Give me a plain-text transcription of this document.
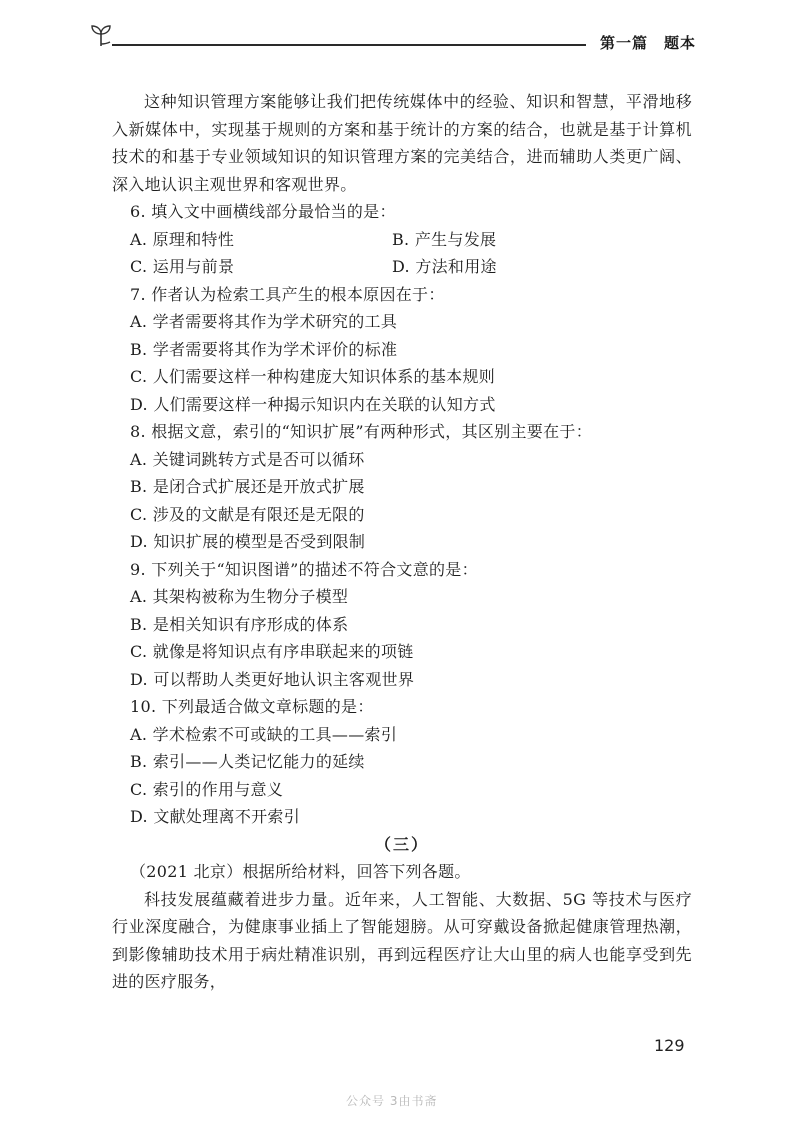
第一篇　题本

这种知识管理方案能够让我们把传统媒体中的经验、知识和智慧，平滑地移入新媒体中，实现基于规则的方案和基于统计的方案的结合，也就是基于计算机技术的和基于专业领域知识的知识管理方案的完美结合，进而辅助人类更广阔、深入地认识主观世界和客观世界。

6. 填入文中画横线部分最恰当的是：

A. 原理和特性	B. 产生与发展

C. 运用与前景	D. 方法和用途

7. 作者认为检索工具产生的根本原因在于：

A. 学者需要将其作为学术研究的工具

B. 学者需要将其作为学术评价的标准

C. 人们需要这样一种构建庞大知识体系的基本规则

D. 人们需要这样一种揭示知识内在关联的认知方式

8. 根据文意，索引的“知识扩展”有两种形式，其区别主要在于：

A. 关键词跳转方式是否可以循环

B. 是闭合式扩展还是开放式扩展

C. 涉及的文献是有限还是无限的

D. 知识扩展的模型是否受到限制

9. 下列关于“知识图谱”的描述不符合文意的是：

A. 其架构被称为生物分子模型

B. 是相关知识有序形成的体系

C. 就像是将知识点有序串联起来的项链

D. 可以帮助人类更好地认识主客观世界

10. 下列最适合做文章标题的是：

A. 学术检索不可或缺的工具——索引

B. 索引——人类记忆能力的延续

C. 索引的作用与意义

D. 文献处理离不开索引

（三）

（2021 北京）根据所给材料，回答下列各题。

科技发展蕴藏着进步力量。近年来，人工智能、大数据、5G 等技术与医疗行业深度融合，为健康事业插上了智能翅膀。从可穿戴设备掀起健康管理热潮，到影像辅助技术用于病灶精准识别，再到远程医疗让大山里的病人也能享受到先进的医疗服务，

129
公众号 3由书斋
